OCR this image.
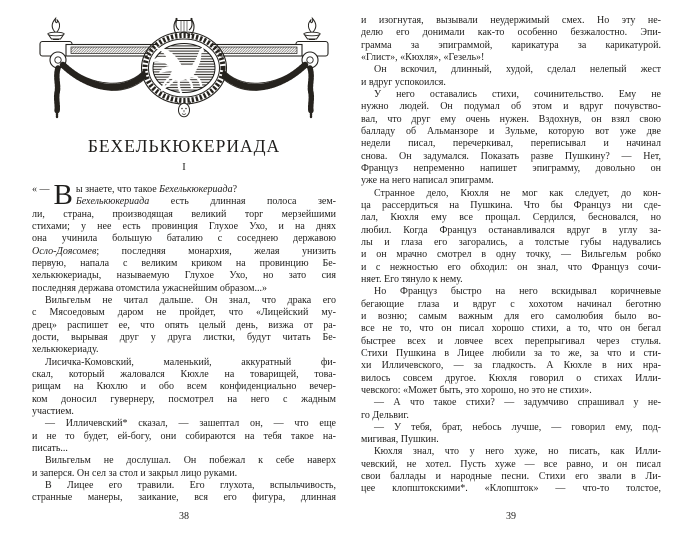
БЕХЕЛЬКЮКЕРИАДА
I
« — В ы знаете, что такое Бехелькюкериада?
Бехелькюкериада есть длинная полоса зем-
ли, страна, производящая великий торг мерзейшими
стихами; у нее есть провинция Глухое Ухо, и на днях
она учинила большую баталию с соседнею державою
Осло-Доясомев; последняя монархия, желая унизить
первую, напала с великим криком на провинцию Бе-
хелькюкериады, называемую Глухое Ухо, но зато сия
последняя держава отомстила ужаснейшим образом...»
Вильгельм не читал дальше. Он знал, что драка его
с Мясоедовым даром не пройдет, что «Лицейский му-
дрец» распишет ее, что опять целый день, визжа от ра-
дости, вырывая друг у друга листки, будут читать Бе-
хелькюкериаду.
Лисичка-Комовский, маленький, аккуратный фи-
скал, который жаловался Кюхле на товарищей, това-
рищам на Кюхлю и обо всем конфиденциально вечер-
ком доносил гувернеру, посмотрел на него с жадным
участием.
— Илличевский* сказал, — зашептал он, — что еще
и не то будет, ей-богу, они собираются на тебя такое на-
писать...
Вильгельм не дослушал. Он побежал к себе наверх
и заперся. Он сел за стол и закрыл лицо руками.
В Лицее его травили. Его глухота, вспыльчивость,
странные манеры, заикание, вся его фигура, длинная
38
и изогнутая, вызывали неудержимый смех. Но эту не-
делю его донимали как-то особенно безжалостно. Эпи-
грамма за эпиграммой, карикатура за карикатурой.
«Глист», «Кюхля», «Гезель»!
Он вскочил, длинный, худой, сделал нелепый жест
и вдруг успокоился.
У него оставались стихи, сочинительство. Ему не
нужно людей. Он подумал об этом и вдруг почувство-
вал, что друг ему очень нужен. Вздохнув, он взял свою
балладу об Альманзоре и Зульме, которую вот уже две
недели писал, перечеркивал, переписывал и начинал
снова. Он задумался. Показать разве Пушкину? — Нет,
Француз непременно напишет эпиграмму, довольно он
уже на него написал эпиграмм.
Странное дело, Кюхля не мог как следует, до кон-
ца рассердиться на Пушкина. Что бы Француз ни сде-
лал, Кюхля ему все прощал. Сердился, бесновался, но
любил. Когда Француз останавливался вдруг в углу за-
лы и глаза его загорались, а толстые губы надувались
и он мрачно смотрел в одну точку, — Вильгельм робко
и с нежностью его обходил: он знал, что Француз сочи-
няет. Его тянуло к нему.
Но Француз быстро на него вскидывал коричневые
бегающие глаза и вдруг с хохотом начинал беготню
и возню; самым важным для его самолюбия было во-
все не то, что он писал хорошо стихи, а то, что он бегал
быстрее всех и ловчее всех перепрыгивал через стулья.
Стихи Пушкина в Лицее любили за то же, за что и сти-
хи Илличевского, — за гладкость. А Кюхле в них нра-
вилось совсем другое. Кюхля говорил о стихах Илли-
чевского: «Может быть, это хорошо, но это не стихи».
— А что такое стихи? — задумчиво спрашивал у не-
го Дельвиг.
— У тебя, брат, небось лучше, — говорил ему, под-
мигивая, Пушкин.
Кюхля знал, что у него хуже, но писать, как Илли-
чевский, не хотел. Пусть хуже — все равно, и он писал
свои баллады и народные песни. Стихи его звали в Ли-
цее клопштокскими*. «Клопшток» — что-то толстое,
39
